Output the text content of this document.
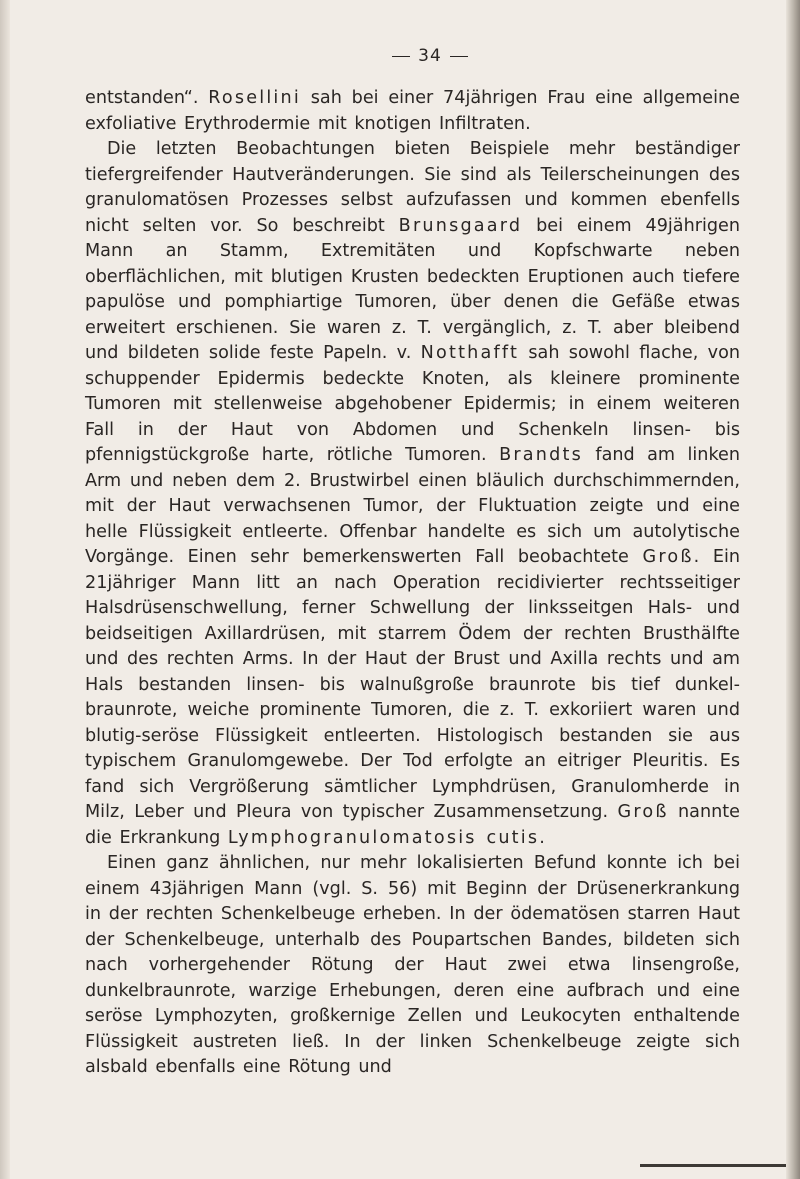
34

entstanden“. Rosellini sah bei einer 74jährigen Frau eine allgemeine exfoliative Erythrodermie mit knotigen Infiltraten.

Die letzten Beobachtungen bieten Beispiele mehr beständiger tiefergreifender Hautveränderungen. Sie sind als Teilerscheinungen des granulomatösen Prozesses selbst aufzufassen und kommen ebenfells nicht selten vor. So beschreibt Brunsgaard bei einem 49jährigen Mann an Stamm, Extremitäten und Kopfschwarte neben oberflächlichen, mit blutigen Krusten bedeckten Eruptionen auch tiefere papulöse und pomphiartige Tumoren, über denen die Gefäße etwas erweitert erschienen. Sie waren z. T. vergänglich, z. T. aber bleibend und bildeten solide feste Papeln. v. Notthafft sah sowohl flache, von schuppender Epidermis bedeckte Knoten, als kleinere prominente Tumoren mit stellenweise abgehobener Epidermis; in einem weiteren Fall in der Haut von Abdomen und Schenkeln linsen- bis pfennigstückgroße harte, rötliche Tumoren. Brandts fand am linken Arm und neben dem 2. Brustwirbel einen bläulich durchschimmernden, mit der Haut verwachsenen Tumor, der Fluktuation zeigte und eine helle Flüssigkeit entleerte. Offenbar handelte es sich um autolytische Vorgänge. Einen sehr bemerkenswerten Fall beobachtete Groß. Ein 21jähriger Mann litt an nach Operation recidivierter rechtsseitiger Halsdrüsenschwellung, ferner Schwellung der linksseitgen Hals- und beidseitigen Axillardrüsen, mit starrem Ödem der rechten Brusthälfte und des rechten Arms. In der Haut der Brust und Axilla rechts und am Hals bestanden linsen- bis walnußgroße braunrote bis tief dunkelbraunrote, weiche prominente Tumoren, die z. T. exkoriiert waren und blutig-seröse Flüssigkeit entleerten. Histologisch bestanden sie aus typischem Granulomgewebe. Der Tod erfolgte an eitriger Pleuritis. Es fand sich Vergrößerung sämtlicher Lymphdrüsen, Granulomherde in Milz, Leber und Pleura von typischer Zusammensetzung. Groß nannte die Erkrankung Lymphogranulomatosis cutis.

Einen ganz ähnlichen, nur mehr lokalisierten Befund konnte ich bei einem 43jährigen Mann (vgl. S. 56) mit Beginn der Drüsenerkrankung in der rechten Schenkelbeuge erheben. In der ödematösen starren Haut der Schenkelbeuge, unterhalb des Poupartschen Bandes, bildeten sich nach vorhergehender Rötung der Haut zwei etwa linsengroße, dunkelbraunrote, warzige Erhebungen, deren eine aufbrach und eine seröse Lymphozyten, großkernige Zellen und Leukocyten enthaltende Flüssigkeit austreten ließ. In der linken Schenkelbeuge zeigte sich alsbald ebenfalls eine Rötung und
